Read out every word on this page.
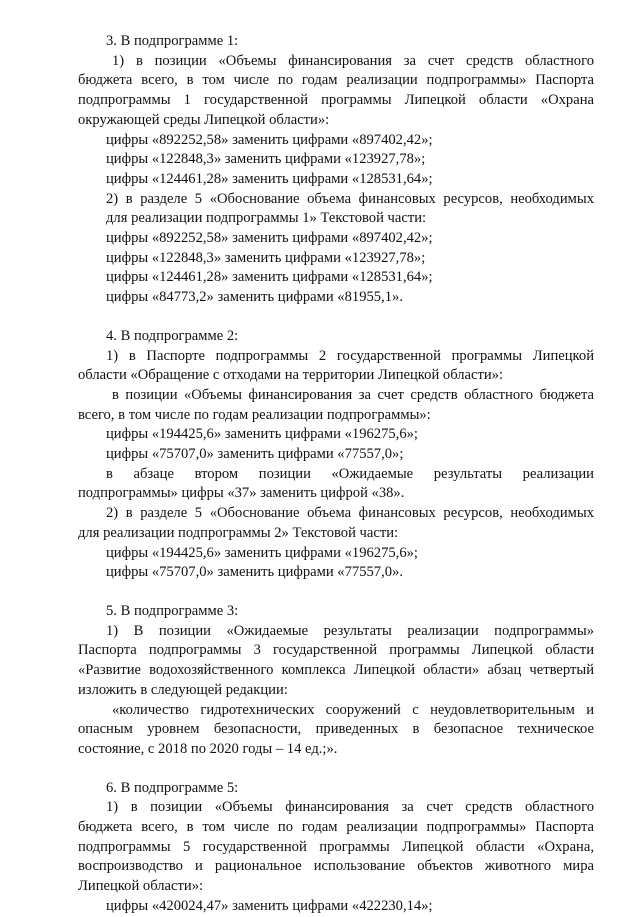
3. В подпрограмме 1:
1) в позиции «Объемы финансирования за счет средств областного
бюджета всего, в том числе по годам реализации подпрограммы» Паспорта
подпрограммы 1 государственной программы Липецкой области «Охрана
окружающей среды Липецкой области»:
цифры «892252,58» заменить цифрами «897402,42»;
цифры «122848,3» заменить цифрами «123927,78»;
цифры «124461,28» заменить цифрами «128531,64»;
2) в разделе 5 «Обоснование объема финансовых ресурсов, необходимых
для реализации подпрограммы 1» Текстовой части:
цифры «892252,58» заменить цифрами «897402,42»;
цифры «122848,3» заменить цифрами «123927,78»;
цифры «124461,28» заменить цифрами «128531,64»;
цифры «84773,2» заменить цифрами «81955,1».
4. В подпрограмме 2:
1) в Паспорте подпрограммы 2 государственной программы Липецкой
области «Обращение с отходами на территории Липецкой области»:
в позиции «Объемы финансирования за счет средств областного бюджета
всего, в том числе по годам реализации подпрограммы»:
цифры «194425,6» заменить цифрами «196275,6»;
цифры «75707,0» заменить цифрами «77557,0»;
в абзаце втором позиции «Ожидаемые результаты реализации
подпрограммы» цифры «37» заменить цифрой «38».
2) в разделе 5 «Обоснование объема финансовых ресурсов, необходимых
для реализации подпрограммы 2» Текстовой части:
цифры «194425,6» заменить цифрами «196275,6»;
цифры «75707,0» заменить цифрами «77557,0».
5. В подпрограмме 3:
1) В позиции «Ожидаемые результаты реализации подпрограммы»
Паспорта подпрограммы 3 государственной программы Липецкой области
«Развитие водохозяйственного комплекса Липецкой области» абзац четвертый
изложить в следующей редакции:
«количество гидротехнических сооружений с неудовлетворительным и
опасным уровнем безопасности, приведенных в безопасное техническое
состояние, с 2018 по 2020 годы – 14 ед.;».
6. В подпрограмме 5:
1) в позиции «Объемы финансирования за счет средств областного
бюджета всего, в том числе по годам реализации подпрограммы» Паспорта
подпрограммы 5 государственной программы Липецкой области «Охрана,
воспроизводство и рациональное использование объектов животного мира
Липецкой области»:
цифры «420024,47» заменить цифрами «422230,14»;
